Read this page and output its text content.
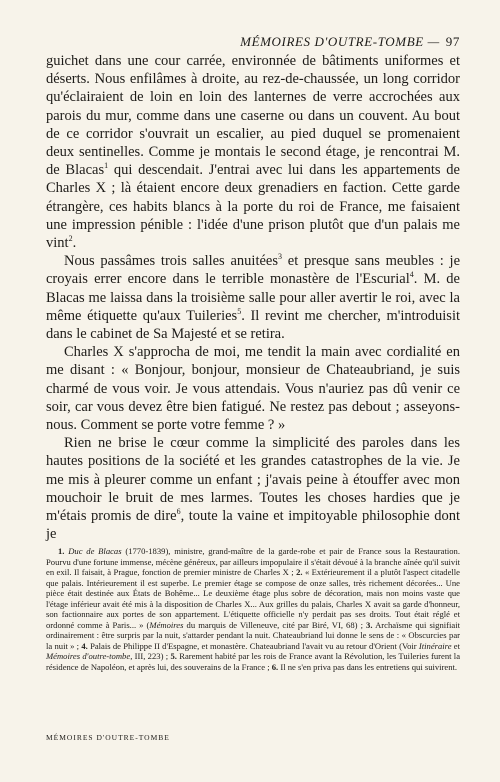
MÉMOIRES D'OUTRE-TOMBE — 97

guichet dans une cour carrée, environnée de bâtiments uniformes et déserts. Nous enfilâmes à droite, au rez-de-chaussée, un long corridor qu'éclairaient de loin en loin des lanternes de verre accrochées aux parois du mur, comme dans une caserne ou dans un couvent. Au bout de ce corridor s'ouvrait un escalier, au pied duquel se promenaient deux sentinelles. Comme je montais le second étage, je rencontrai M. de Blacas$^1$ qui descendait. J'entrai avec lui dans les appartements de Charles X ; là étaient encore deux grenadiers en faction. Cette garde étrangère, ces habits blancs à la porte du roi de France, me faisaient une impression pénible : l'idée d'une prison plutôt que d'un palais me vint$^2$.

Nous passâmes trois salles anuitées$^3$ et presque sans meubles : je croyais errer encore dans le terrible monastère de l'Escurial$^4$. M. de Blacas me laissa dans la troisième salle pour aller avertir le roi, avec la même étiquette qu'aux Tuileries$^5$. Il revint me chercher, m'introduisit dans le cabinet de Sa Majesté et se retira.

Charles X s'approcha de moi, me tendit la main avec cordialité en me disant : « Bonjour, bonjour, monsieur de Chateaubriand, je suis charmé de vous voir. Je vous attendais. Vous n'auriez pas dû venir ce soir, car vous devez être bien fatigué. Ne restez pas debout ; asseyons-nous. Comment se porte votre femme ? »

Rien ne brise le cœur comme la simplicité des paroles dans les hautes positions de la société et les grandes catastrophes de la vie. Je me mis à pleurer comme un enfant ; j'avais peine à étouffer avec mon mouchoir le bruit de mes larmes. Toutes les choses hardies que je m'étais promis de dire$^6$, toute la vaine et impitoyable philosophie dont je

1. Duc de Blacas (1770-1839), ministre, grand-maître de la garde-robe et pair de France sous la Restauration. Pourvu d'une fortune immense, mécène généreux, par ailleurs impopulaire il s'était dévoué à la branche aînée qu'il suivit en exil. Il faisait, à Prague, fonction de premier ministre de Charles X ; 2. « Extérieurement il a plutôt l'aspect citadelle que palais. Intérieurement il est superbe. Le premier étage se compose de onze salles, très richement décorées... Une pièce était destinée aux États de Bohême... Le deuxième étage plus sobre de décoration, mais non moins vaste que l'étage inférieur avait été mis à la disposition de Charles X... Aux grilles du palais, Charles X avait sa garde d'honneur, son factionnaire aux portes de son appartement. L'étiquette officielle n'y perdait pas ses droits. Tout était réglé et ordonné comme à Paris... » (Mémoires du marquis de Villeneuve, cité par Biré, VI, 68) ; 3. Archaïsme qui signifiait ordinairement : être surpris par la nuit, s'attarder pendant la nuit. Chateaubriand lui donne le sens de : « Obscurcies par la nuit » ; 4. Palais de Philippe II d'Espagne, et monastère. Chateaubriand l'avait vu au retour d'Orient (Voir Itinéraire et Mémoires d'outre-tombe, III, 223) ; 5. Rarement habité par les rois de France avant la Révolution, les Tuileries furent la résidence de Napoléon, et après lui, des souverains de la France ; 6. Il ne s'en priva pas dans les entretiens qui suivirent.

MÉMOIRES D'OUTRE-TOMBE
